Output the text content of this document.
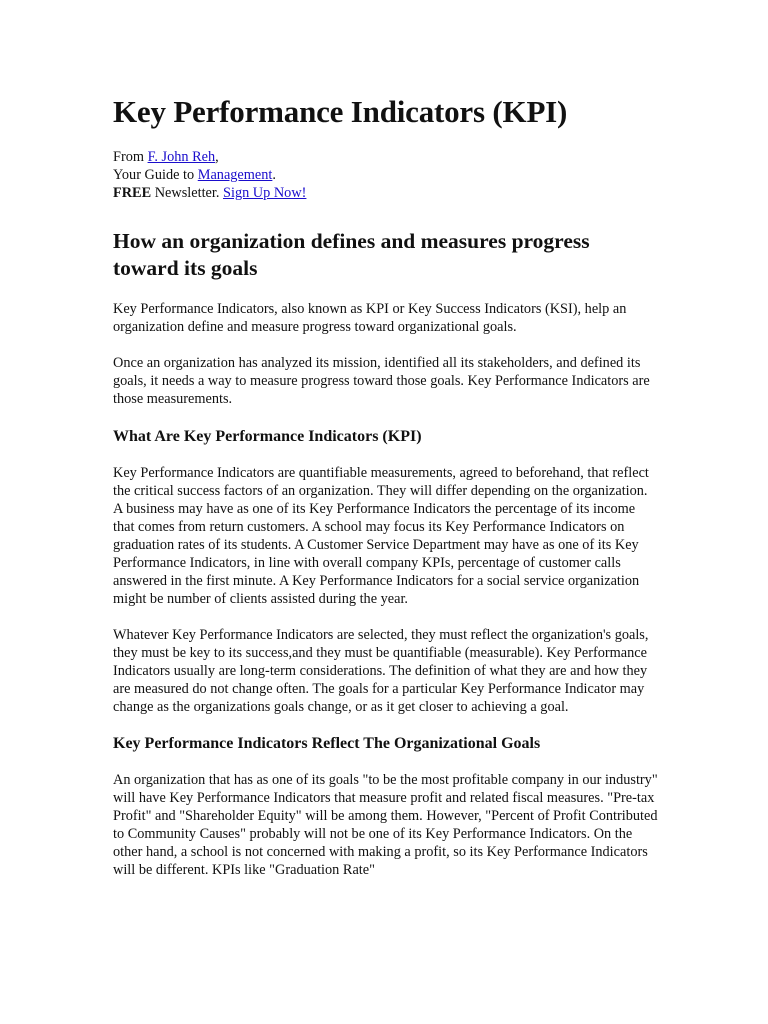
Key Performance Indicators (KPI)
From F. John Reh,
Your Guide to Management.
FREE Newsletter. Sign Up Now!
How an organization defines and measures progress toward its goals

Key Performance Indicators, also known as KPI or Key Success Indicators (KSI), help an organization define and measure progress toward organizational goals.

Once an organization has analyzed its mission, identified all its stakeholders, and defined its goals, it needs a way to measure progress toward those goals. Key Performance Indicators are those measurements.

What Are Key Performance Indicators (KPI)

Key Performance Indicators are quantifiable measurements, agreed to beforehand, that reflect the critical success factors of an organization. They will differ depending on the organization. A business may have as one of its Key Performance Indicators the percentage of its income that comes from return customers. A school may focus its Key Performance Indicators on graduation rates of its students. A Customer Service Department may have as one of its Key Performance Indicators, in line with overall company KPIs, percentage of customer calls answered in the first minute. A Key Performance Indicators for a social service organization might be number of clients assisted during the year.

Whatever Key Performance Indicators are selected, they must reflect the organization's goals, they must be key to its success,and they must be quantifiable (measurable). Key Performance Indicators usually are long-term considerations. The definition of what they are and how they are measured do not change often. The goals for a particular Key Performance Indicator may change as the organizations goals change, or as it get closer to achieving a goal.

Key Performance Indicators Reflect The Organizational Goals

An organization that has as one of its goals "to be the most profitable company in our industry" will have Key Performance Indicators that measure profit and related fiscal measures. "Pre-tax Profit" and "Shareholder Equity" will be among them. However, "Percent of Profit Contributed to Community Causes" probably will not be one of its Key Performance Indicators. On the other hand, a school is not concerned with making a profit, so its Key Performance Indicators will be different. KPIs like "Graduation Rate"
